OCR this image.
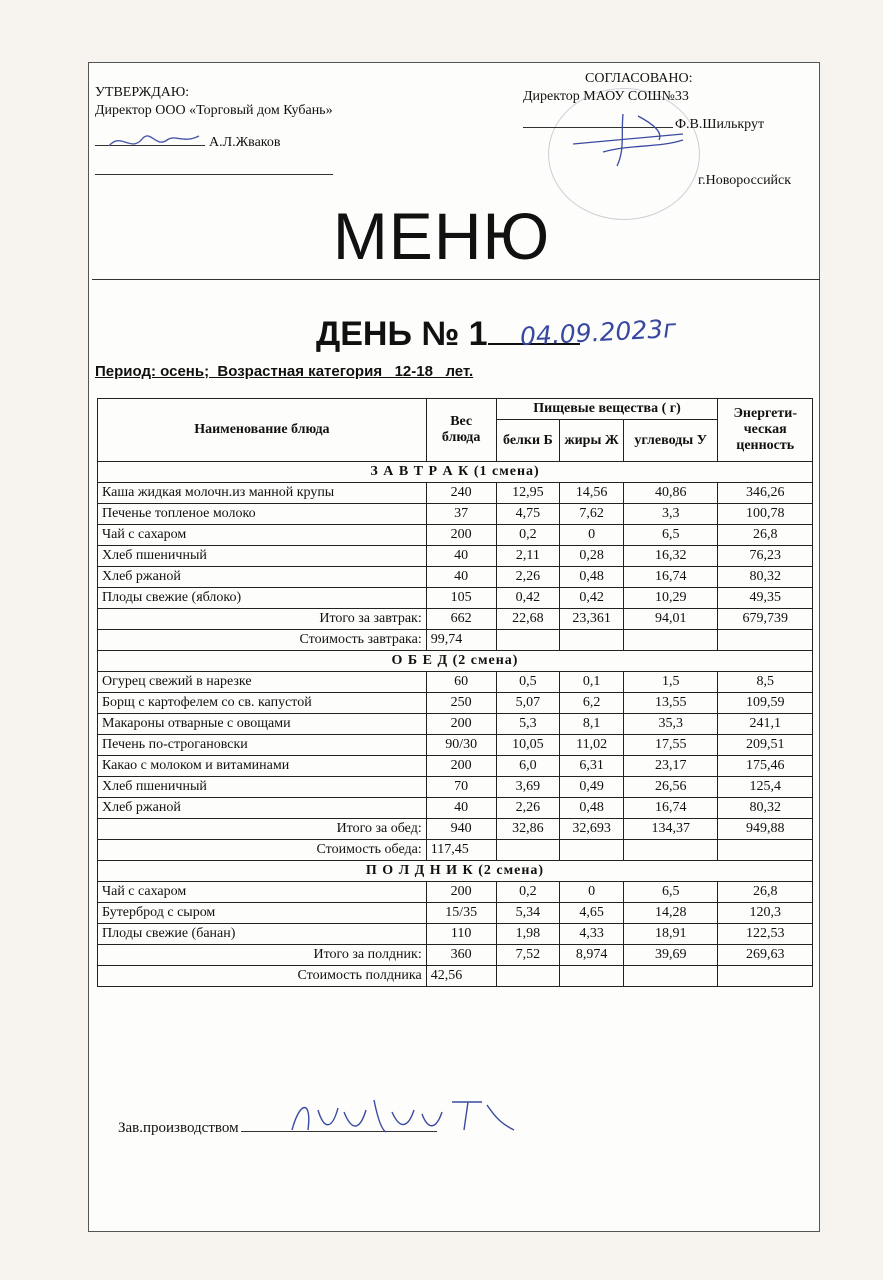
УТВЕРЖДАЮ:
Директор ООО «Торговый дом Кубань»
А.Л.Жваков
СОГЛАСОВАНО:
Директор МАОУ СОШ№33
Ф.В.Шилькрут
г.Новороссийск
МЕНЮ
ДЕНЬ № 1	04.09.2023г
Период: осень;  Возрастная категория   12-18   лет.
Наименование блюда	Вес блюда	Пищевые вещества ( г)			Энергети-ческая ценность
		белки Б	жиры Ж	углеводы У	
З А В Т Р А К (1 смена)					
Каша жидкая молочн.из манной крупы	240	12,95	14,56	40,86	346,26
Печенье топленое молоко	37	4,75	7,62	3,3	100,78
Чай с сахаром	200	0,2	0	6,5	26,8
Хлеб пшеничный	40	2,11	0,28	16,32	76,23
Хлеб ржаной	40	2,26	0,48	16,74	80,32
Плоды свежие (яблоко)	105	0,42	0,42	10,29	49,35
Итого за завтрак:	662	22,68	23,361	94,01	679,739
Стоимость завтрака:	99,74				
О Б Е Д (2 смена)					
Огурец свежий в нарезке	60	0,5	0,1	1,5	8,5
Борщ с картофелем со св. капустой	250	5,07	6,2	13,55	109,59
Макароны отварные с овощами	200	5,3	8,1	35,3	241,1
Печень по-строгановски	90/30	10,05	11,02	17,55	209,51
Какао с молоком и витаминами	200	6,0	6,31	23,17	175,46
Хлеб пшеничный	70	3,69	0,49	26,56	125,4
Хлеб ржаной	40	2,26	0,48	16,74	80,32
Итого за обед:	940	32,86	32,693	134,37	949,88
Стоимость обеда:	117,45				
П О Л Д Н И К (2 смена)					
Чай с сахаром	200	0,2	0	6,5	26,8
Бутерброд с сыром	15/35	5,34	4,65	14,28	120,3
Плоды свежие (банан)	110	1,98	4,33	18,91	122,53
Итого за полдник:	360	7,52	8,974	39,69	269,63
Стоимость полдника	42,56				
Зав.производством
